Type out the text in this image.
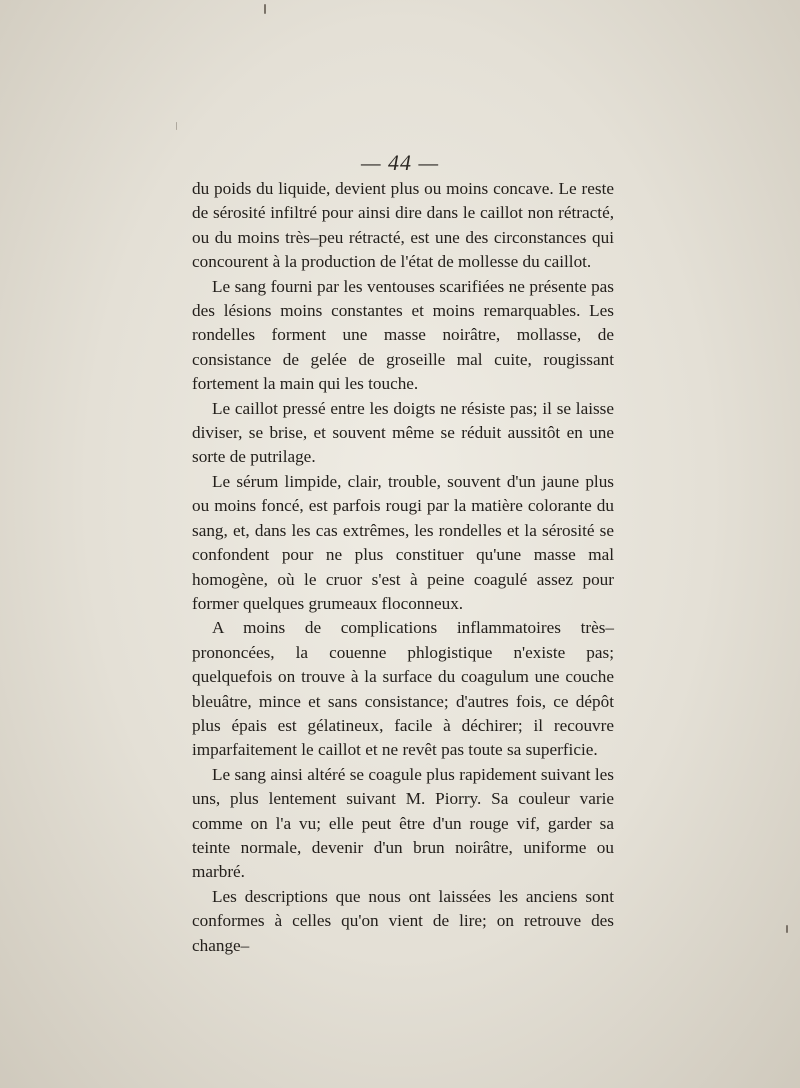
— 44 —

du poids du liquide, devient plus ou moins concave. Le reste de sérosité infiltré pour ainsi dire dans le caillot non rétracté, ou du moins très–peu rétracté, est une des circonstances qui concourent à la production de l'état de mollesse du caillot.

Le sang fourni par les ventouses scarifiées ne présente pas des lésions moins constantes et moins remarquables. Les rondelles forment une masse noirâtre, mollasse, de consistance de gelée de groseille mal cuite, rougissant fortement la main qui les touche.

Le caillot pressé entre les doigts ne résiste pas; il se laisse diviser, se brise, et souvent même se réduit aussitôt en une sorte de putrilage.

Le sérum limpide, clair, trouble, souvent d'un jaune plus ou moins foncé, est parfois rougi par la matière colorante du sang, et, dans les cas extrêmes, les rondelles et la sérosité se confondent pour ne plus constituer qu'une masse mal homogène, où le cruor s'est à peine coagulé assez pour former quelques grumeaux floconneux.

A moins de complications inflammatoires très–prononcées, la couenne phlogistique n'existe pas; quelquefois on trouve à la surface du coagulum une couche bleuâtre, mince et sans consistance; d'autres fois, ce dépôt plus épais est gélatineux, facile à déchirer; il recouvre imparfaitement le caillot et ne revêt pas toute sa superficie.

Le sang ainsi altéré se coagule plus rapidement suivant les uns, plus lentement suivant M. Piorry. Sa couleur varie comme on l'a vu; elle peut être d'un rouge vif, garder sa teinte normale, devenir d'un brun noirâtre, uniforme ou marbré.

Les descriptions que nous ont laissées les anciens sont conformes à celles qu'on vient de lire; on retrouve des change–
